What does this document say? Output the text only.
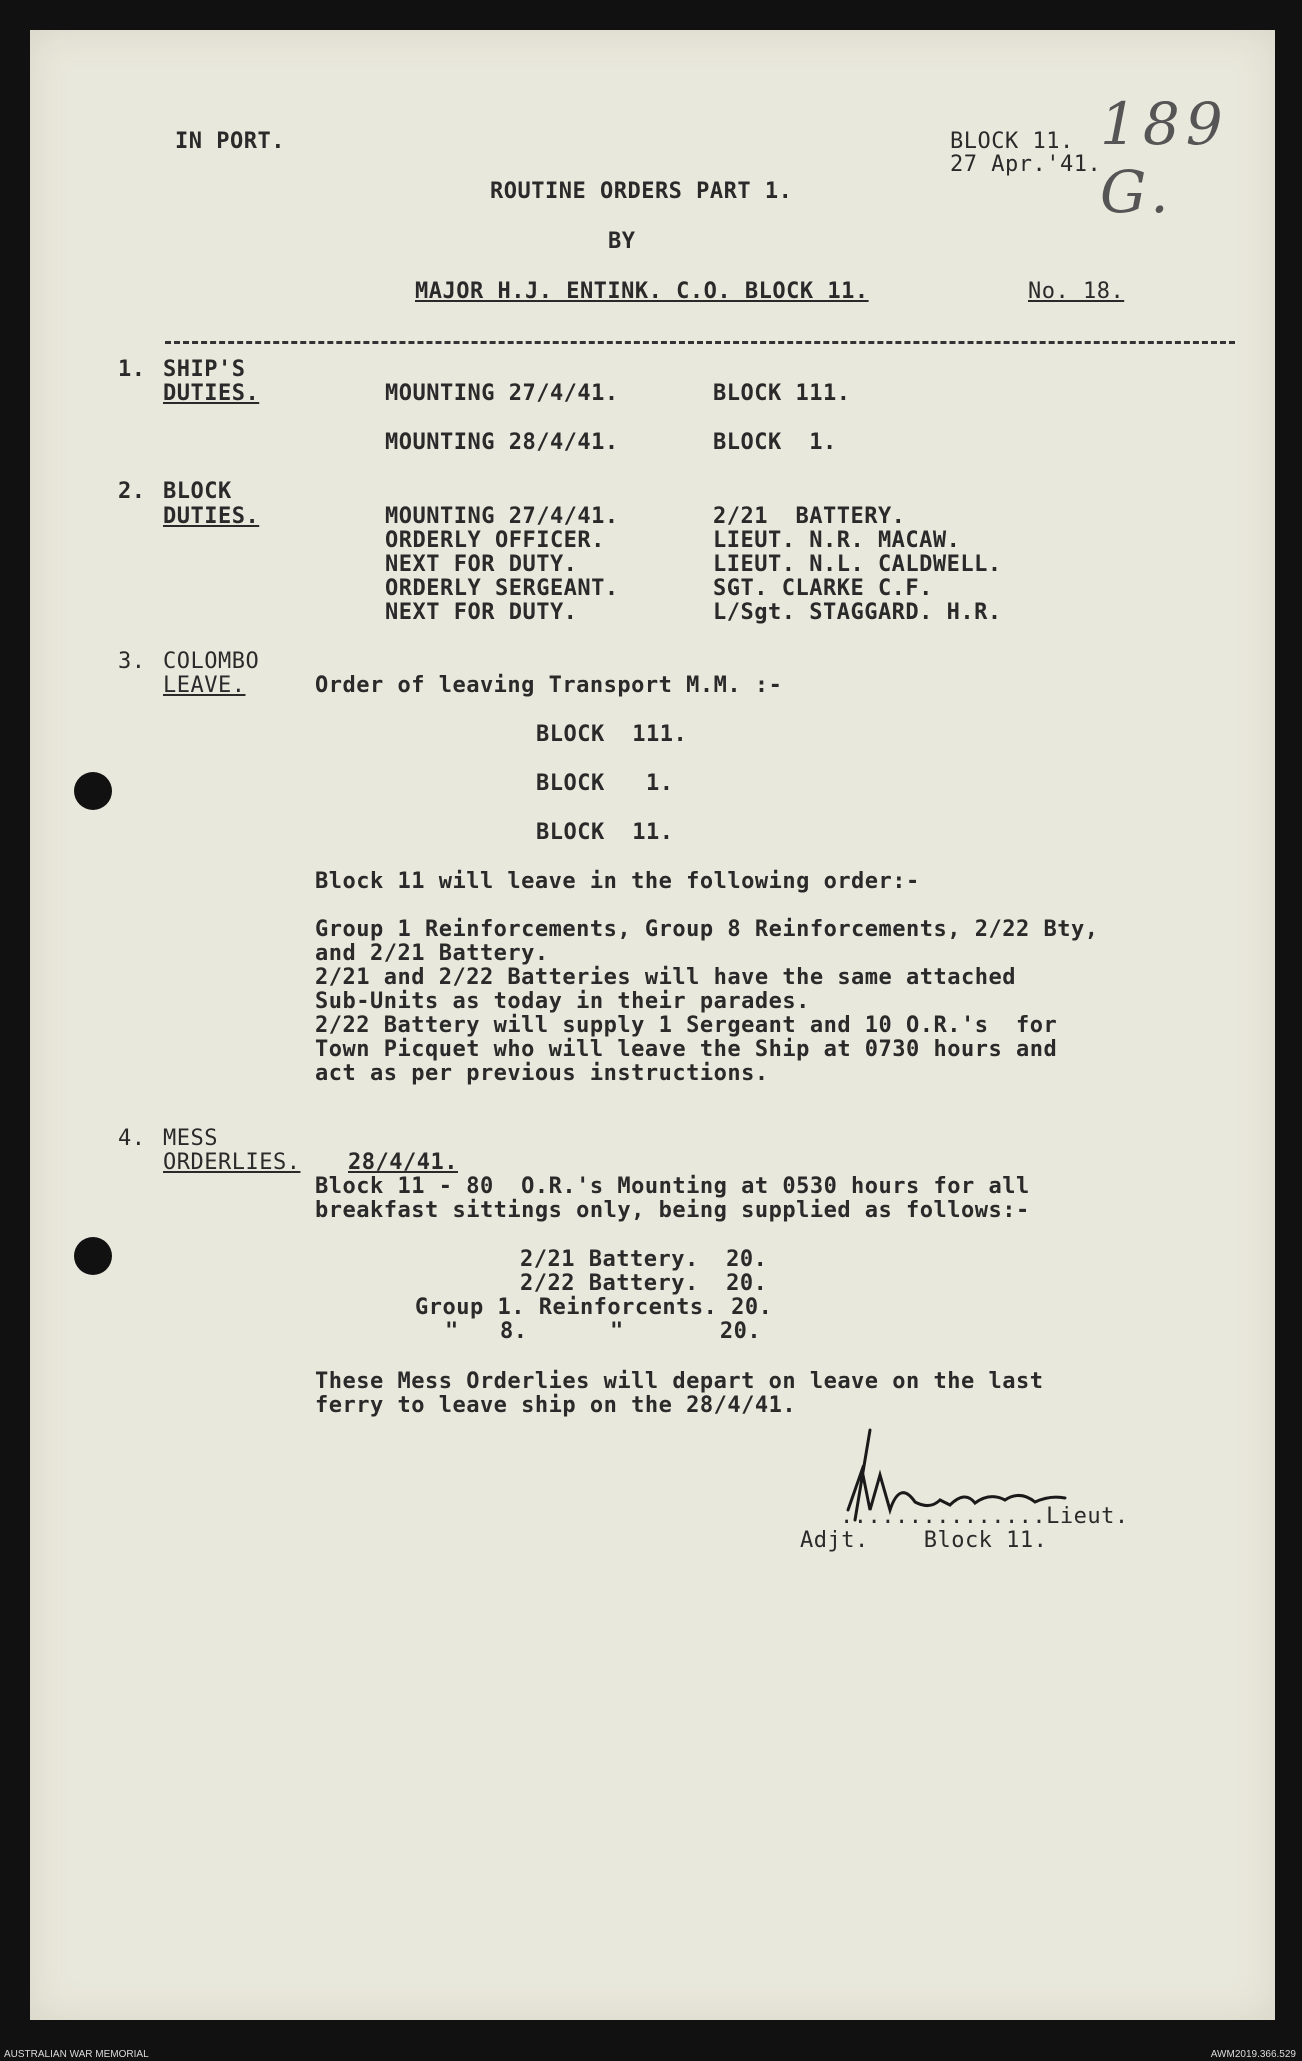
189 G.
IN PORT.	BLOCK 11.
27 Apr.'41.
ROUTINE ORDERS PART 1.
BY
MAJOR H.J. ENTINK. C.O. BLOCK 11.	No. 18.
1. SHIP'S
DUTIES.	MOUNTING 27/4/41.	BLOCK 111.
MOUNTING 28/4/41.	BLOCK  1.
2. BLOCK
DUTIES.	MOUNTING 27/4/41.	2/21  BATTERY.
ORDERLY OFFICER.	LIEUT. N.R. MACAW.
NEXT FOR DUTY.	LIEUT. N.L. CALDWELL.
ORDERLY SERGEANT.	SGT. CLARKE C.F.
NEXT FOR DUTY.	L/Sgt. STAGGARD. H.R.
3. COLOMBO
LEAVE.	Order of leaving Transport M.M. :-
BLOCK  111.
BLOCK   1.
BLOCK  11.
Block 11 will leave in the following order:-
Group 1 Reinforcements, Group 8 Reinforcements, 2/22 Bty,
and 2/21 Battery.
2/21 and 2/22 Batteries will have the same attached
Sub-Units as today in their parades.
2/22 Battery will supply 1 Sergeant and 10 O.R.'s  for
Town Picquet who will leave the Ship at 0730 hours and
act as per previous instructions.
4. MESS
ORDERLIES. 28/4/41.
Block 11 - 80  O.R.'s Mounting at 0530 hours for all
breakfast sittings only, being supplied as follows:-
2/21 Battery.  20.
2/22 Battery.  20.
Group 1. Reinforcents. 20.
"   8.      "       20.
These Mess Orderlies will depart on leave on the last
ferry to leave ship on the 28/4/41.
...............Lieut.
Adjt.    Block 11.
AUSTRALIAN WAR MEMORIAL	AWM2019.366.529
